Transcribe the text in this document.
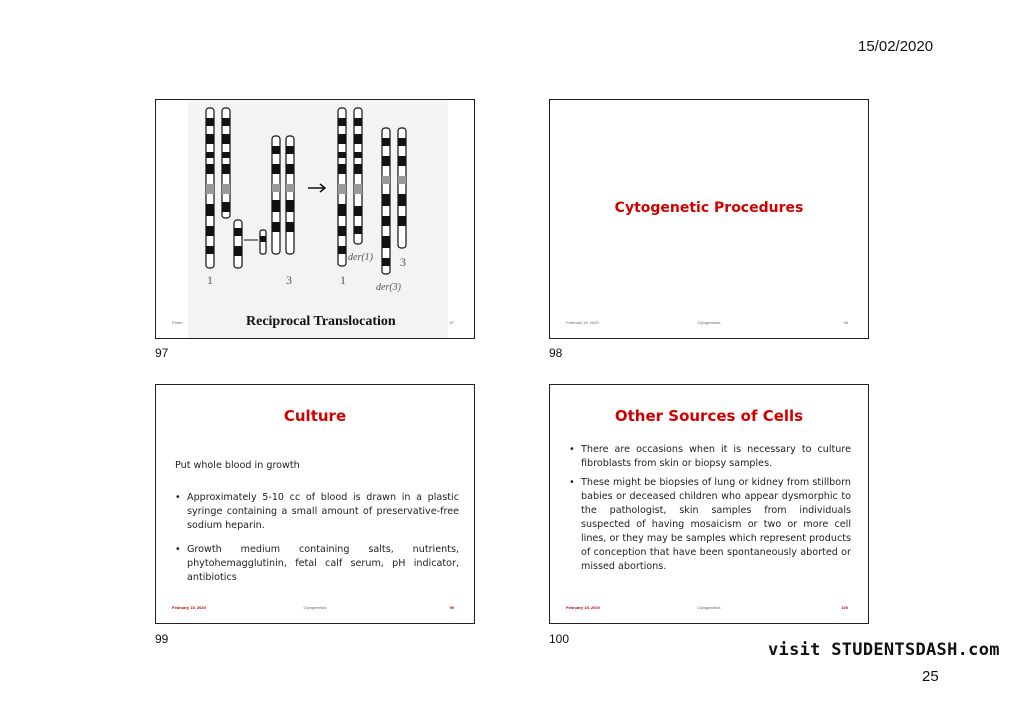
15/02/2020
1	3	1
der(1) 3
der(3)
Reciprocal Translocation
Febru	97
97
Cytogenetic Procedures
February 15, 2020	Cytogenetics	98
98
Culture
Put whole blood in growth
• Approximately 5-10 cc of blood is drawn in a plastic syringe containing a small amount of preservative-free sodium heparin.
• Growth medium containing salts, nutrients, phytohemagglutinin, fetal calf serum, pH indicator, antibiotics
February 15, 2020	Cytogenetics	99
99
Other Sources of Cells
• There are occasions when it is necessary to culture fibroblasts from skin or biopsy samples.
• These might be biopsies of lung or kidney from stillborn babies or deceased children who appear dysmorphic to the pathologist, skin samples from individuals suspected of having mosaicism or two or more cell lines, or they may be samples which represent products of conception that have been spontaneously aborted or missed abortions.
February 15, 2020	Cytogenetics	100
100
visit STUDENTSDASH.com
25
